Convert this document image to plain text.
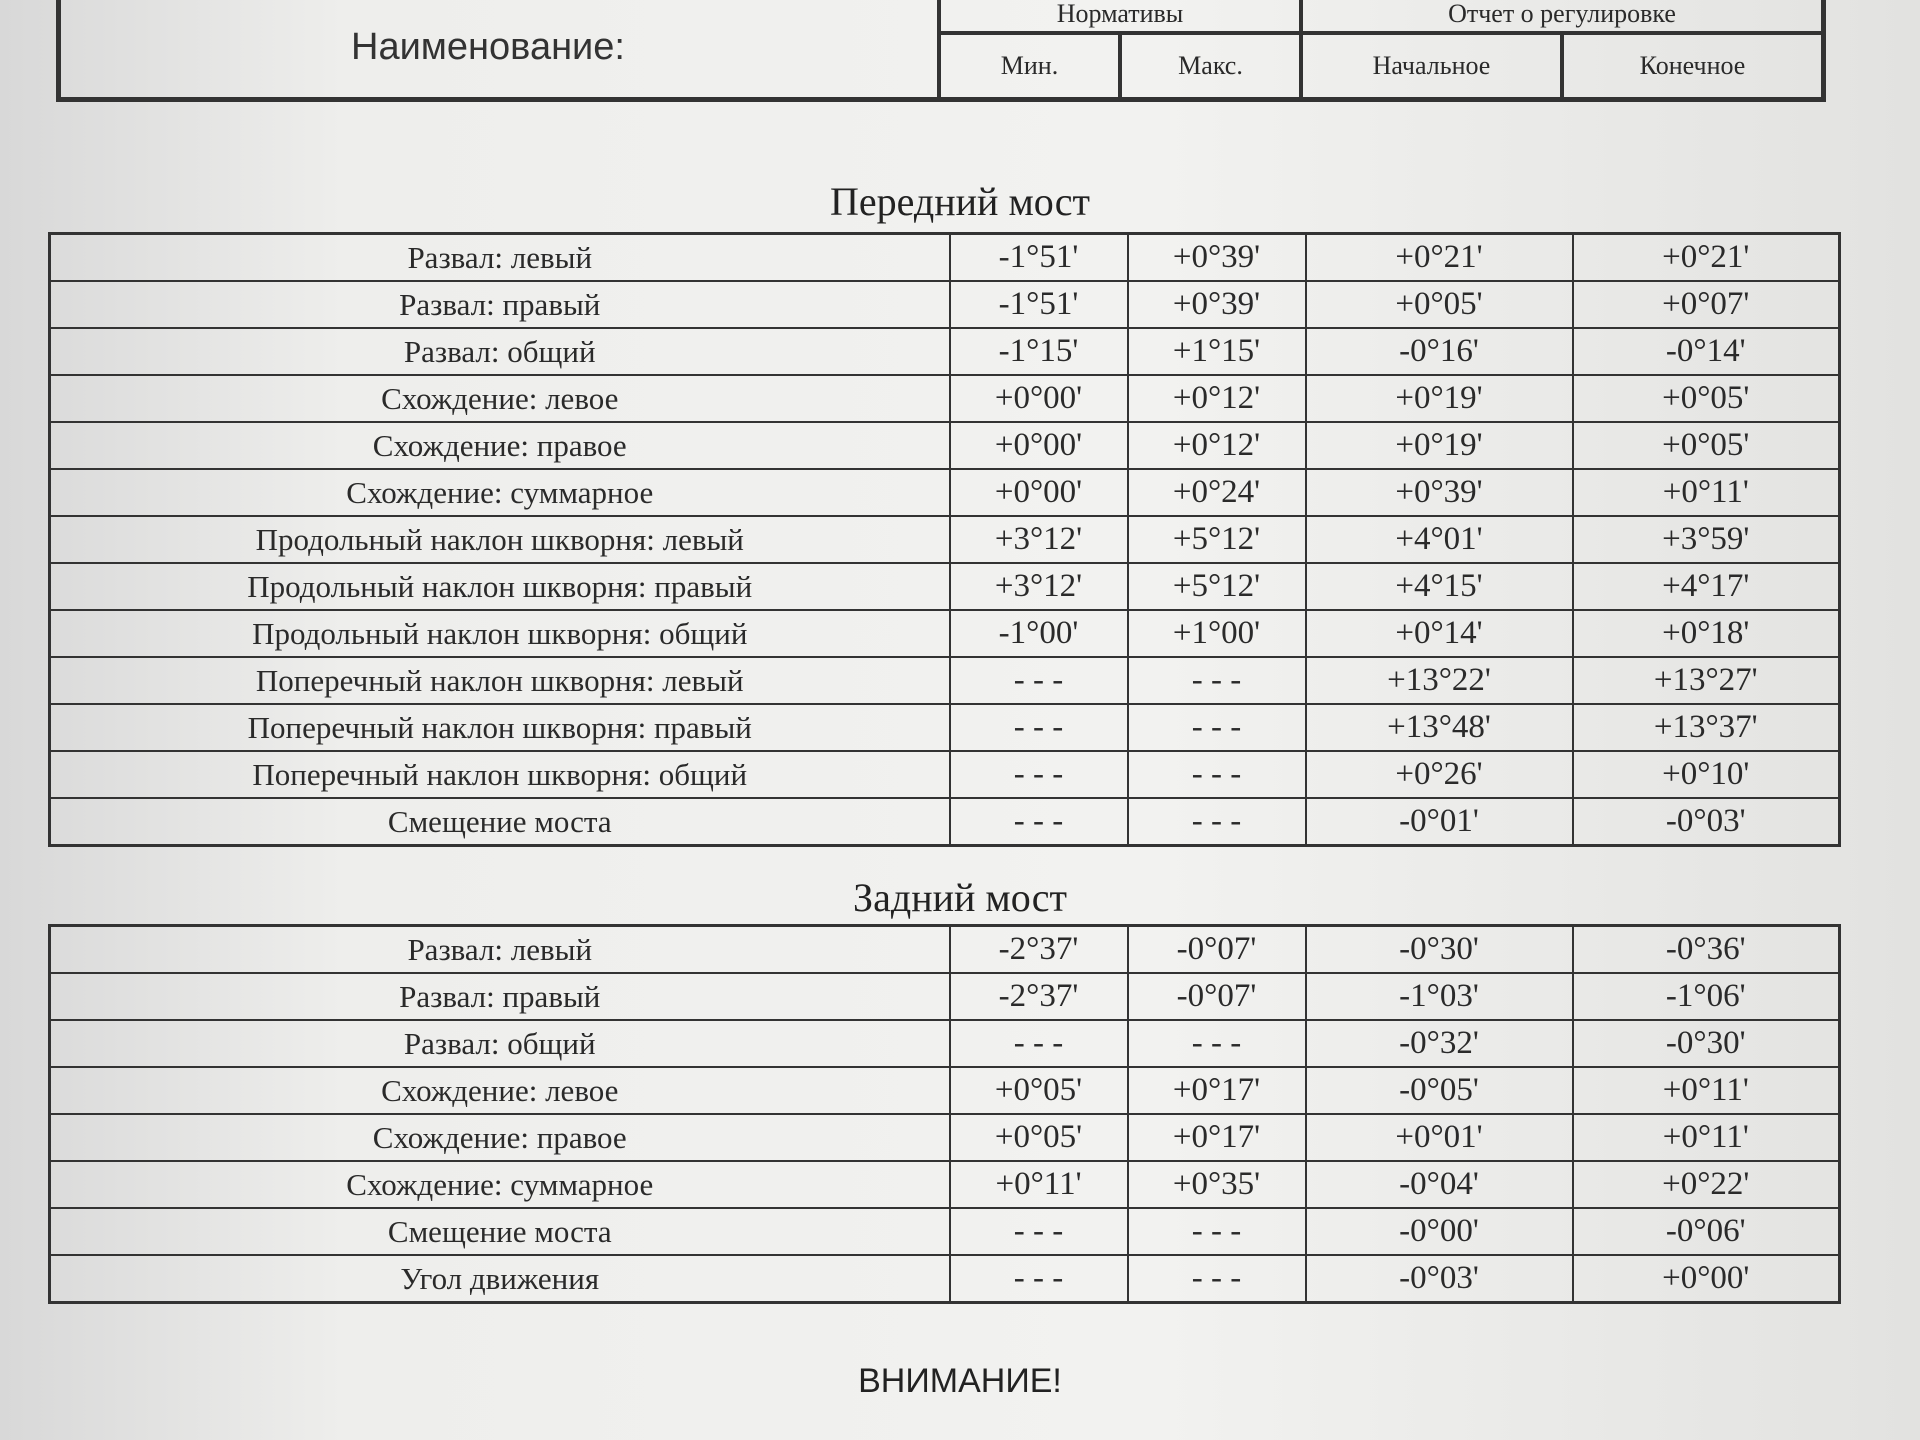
Наименование:
Нормативы
Мин.	Макс.
Отчет о регулировке
Начальное	Конечное
Передний мост
Развал: левый	-1°51'	+0°39'	+0°21'	+0°21'
Развал: правый	-1°51'	+0°39'	+0°05'	+0°07'
Развал: общий	-1°15'	+1°15'	-0°16'	-0°14'
Схождение: левое	+0°00'	+0°12'	+0°19'	+0°05'
Схождение: правое	+0°00'	+0°12'	+0°19'	+0°05'
Схождение: суммарное	+0°00'	+0°24'	+0°39'	+0°11'
Продольный наклон шкворня: левый	+3°12'	+5°12'	+4°01'	+3°59'
Продольный наклон шкворня: правый	+3°12'	+5°12'	+4°15'	+4°17'
Продольный наклон шкворня: общий	-1°00'	+1°00'	+0°14'	+0°18'
Поперечный наклон шкворня: левый	- - -	- - -	+13°22'	+13°27'
Поперечный наклон шкворня: правый	- - -	- - -	+13°48'	+13°37'
Поперечный наклон шкворня: общий	- - -	- - -	+0°26'	+0°10'
Смещение моста	- - -	- - -	-0°01'	-0°03'
Задний мост
Развал: левый	-2°37'	-0°07'	-0°30'	-0°36'
Развал: правый	-2°37'	-0°07'	-1°03'	-1°06'
Развал: общий	- - -	- - -	-0°32'	-0°30'
Схождение: левое	+0°05'	+0°17'	-0°05'	+0°11'
Схождение: правое	+0°05'	+0°17'	+0°01'	+0°11'
Схождение: суммарное	+0°11'	+0°35'	-0°04'	+0°22'
Смещение моста	- - -	- - -	-0°00'	-0°06'
Угол движения	- - -	- - -	-0°03'	+0°00'
ВНИМАНИЕ!
